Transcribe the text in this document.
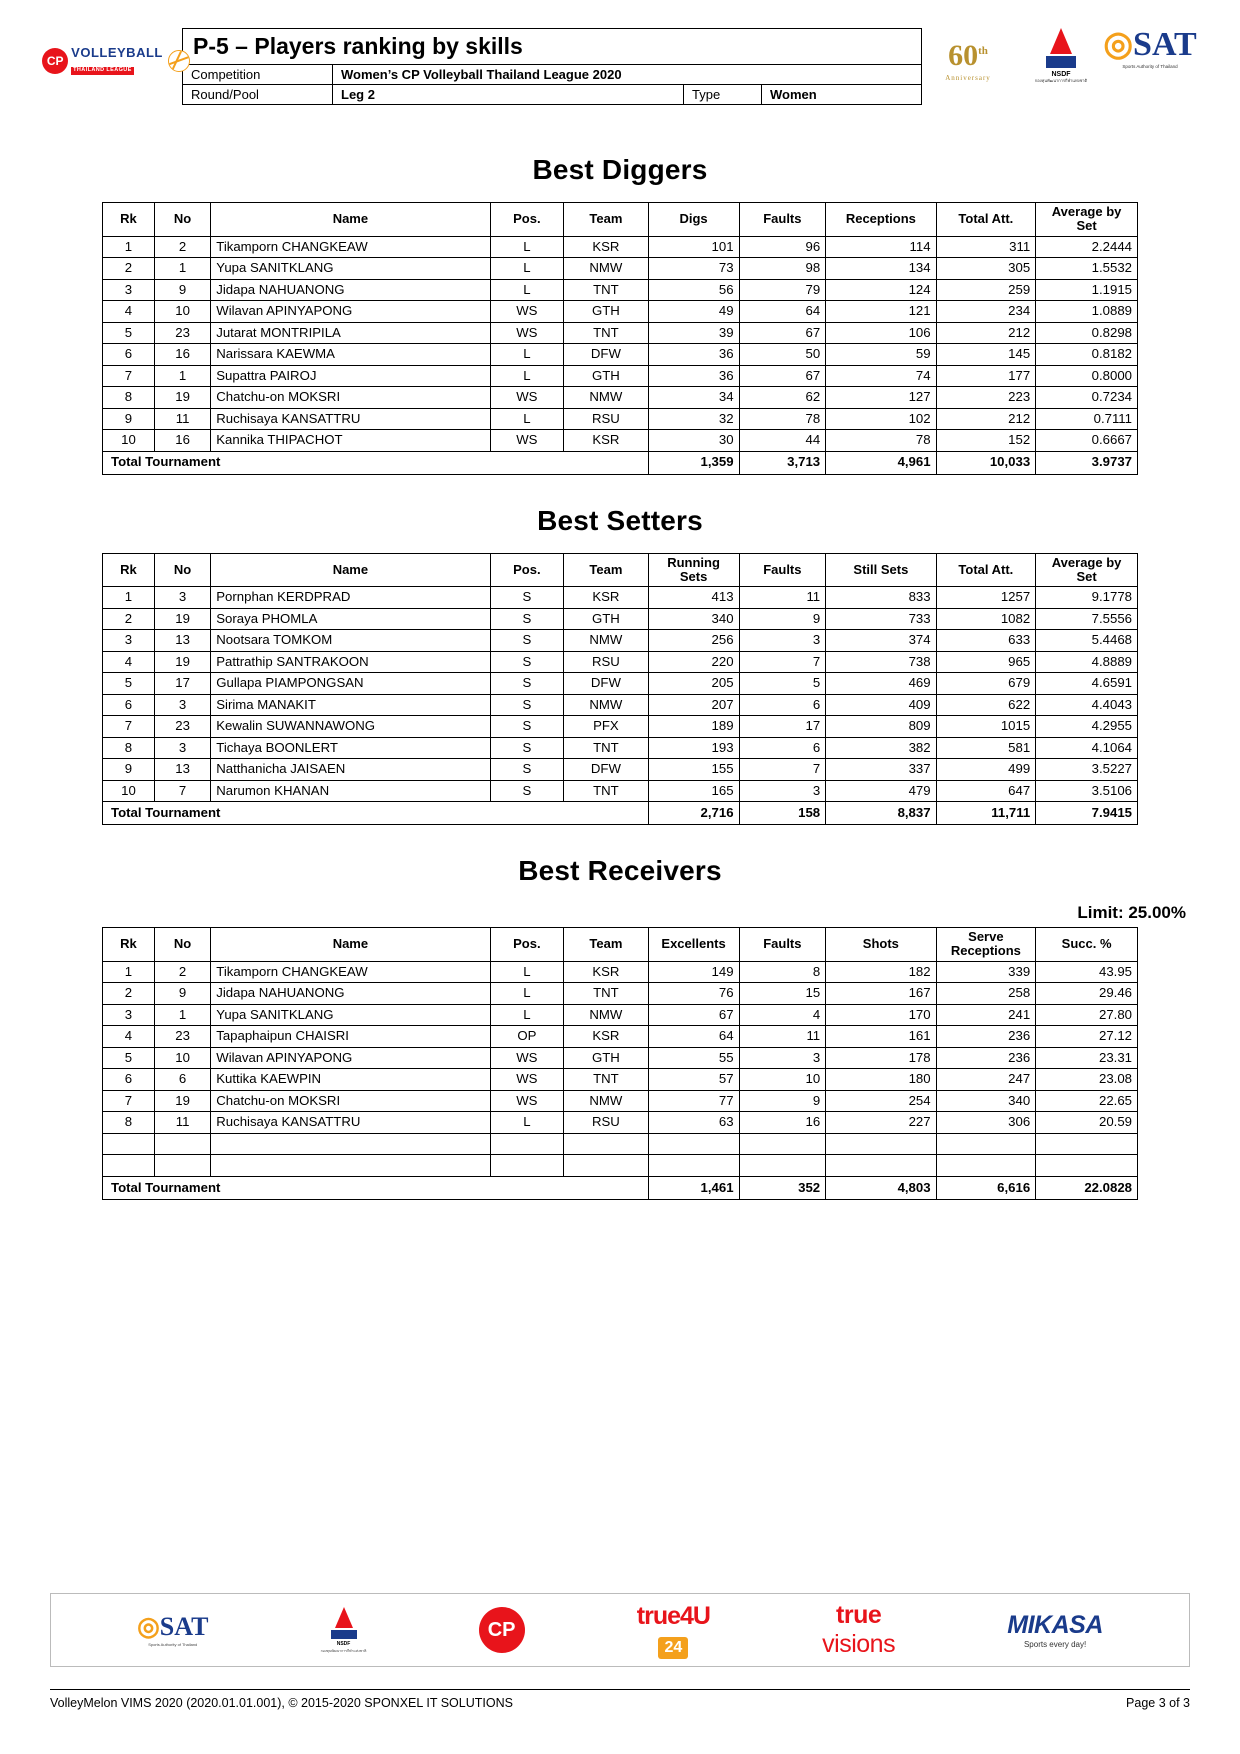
CP
VOLLEYBALL
THAILAND LEAGUE
P-5 – Players ranking by skills			
Competition	Women’s CP Volleyball Thailand League 2020		
Round/Pool	Leg 2	Type	Women
60th
Anniversary	NSDF
กองทุนพัฒนาการกีฬาแห่งชาติ
◎SAT
Sports Authority of Thailand
Best Diggers
Rk	No	Name	Pos.	Team	Digs	Faults	Receptions	Total Att.	Average by Set
1	2	Tikamporn CHANGKEAW	L	KSR	101	96	114	311	2.2444
2	1	Yupa SANITKLANG	L	NMW	73	98	134	305	1.5532
3	9	Jidapa NAHUANONG	L	TNT	56	79	124	259	1.1915
4	10	Wilavan APINYAPONG	WS	GTH	49	64	121	234	1.0889
5	23	Jutarat MONTRIPILA	WS	TNT	39	67	106	212	0.8298
6	16	Narissara KAEWMA	L	DFW	36	50	59	145	0.8182
7	1	Supattra PAIROJ	L	GTH	36	67	74	177	0.8000
8	19	Chatchu-on MOKSRI	WS	NMW	34	62	127	223	0.7234
9	11	Ruchisaya KANSATTRU	L	RSU	32	78	102	212	0.7111
10	16	Kannika THIPACHOT	WS	KSR	30	44	78	152	0.6667
Total Tournament					1,359	3,713	4,961	10,033	3.9737
Best Setters
Rk	No	Name	Pos.	Team	Running Sets	Faults	Still Sets	Total Att.	Average by Set
1	3	Pornphan KERDPRAD	S	KSR	413	11	833	1257	9.1778
2	19	Soraya PHOMLA	S	GTH	340	9	733	1082	7.5556
3	13	Nootsara TOMKOM	S	NMW	256	3	374	633	5.4468
4	19	Pattrathip SANTRAKOON	S	RSU	220	7	738	965	4.8889
5	17	Gullapa PIAMPONGSAN	S	DFW	205	5	469	679	4.6591
6	3	Sirima MANAKIT	S	NMW	207	6	409	622	4.4043
7	23	Kewalin SUWANNAWONG	S	PFX	189	17	809	1015	4.2955
8	3	Tichaya BOONLERT	S	TNT	193	6	382	581	4.1064
9	13	Natthanicha JAISAEN	S	DFW	155	7	337	499	3.5227
10	7	Narumon KHANAN	S	TNT	165	3	479	647	3.5106
Total Tournament					2,716	158	8,837	11,711	7.9415
Best Receivers
Limit: 25.00%
Rk	No	Name	Pos.	Team	Excellents	Faults	Shots	Serve Receptions	Succ. %
1	2	Tikamporn CHANGKEAW	L	KSR	149	8	182	339	43.95
2	9	Jidapa NAHUANONG	L	TNT	76	15	167	258	29.46
3	1	Yupa SANITKLANG	L	NMW	67	4	170	241	27.80
4	23	Tapaphaipun CHAISRI	OP	KSR	64	11	161	236	27.12
5	10	Wilavan APINYAPONG	WS	GTH	55	3	178	236	23.31
6	6	Kuttika KAEWPIN	WS	TNT	57	10	180	247	23.08
7	19	Chatchu-on MOKSRI	WS	NMW	77	9	254	340	22.65
8	11	Ruchisaya KANSATTRU	L	RSU	63	16	227	306	20.59

Total Tournament					1,461	352	4,803	6,616	22.0828
◎SAT
Sports Authority of Thailand	NSDF
กองทุนพัฒนาการกีฬาแห่งชาติ
CP	true4U
24
true
visions
MIKASA
Sports every day!
VolleyMelon VIMS 2020 (2020.01.01.001), © 2015-2020 SPONXEL IT SOLUTIONS	Page 3 of 3
